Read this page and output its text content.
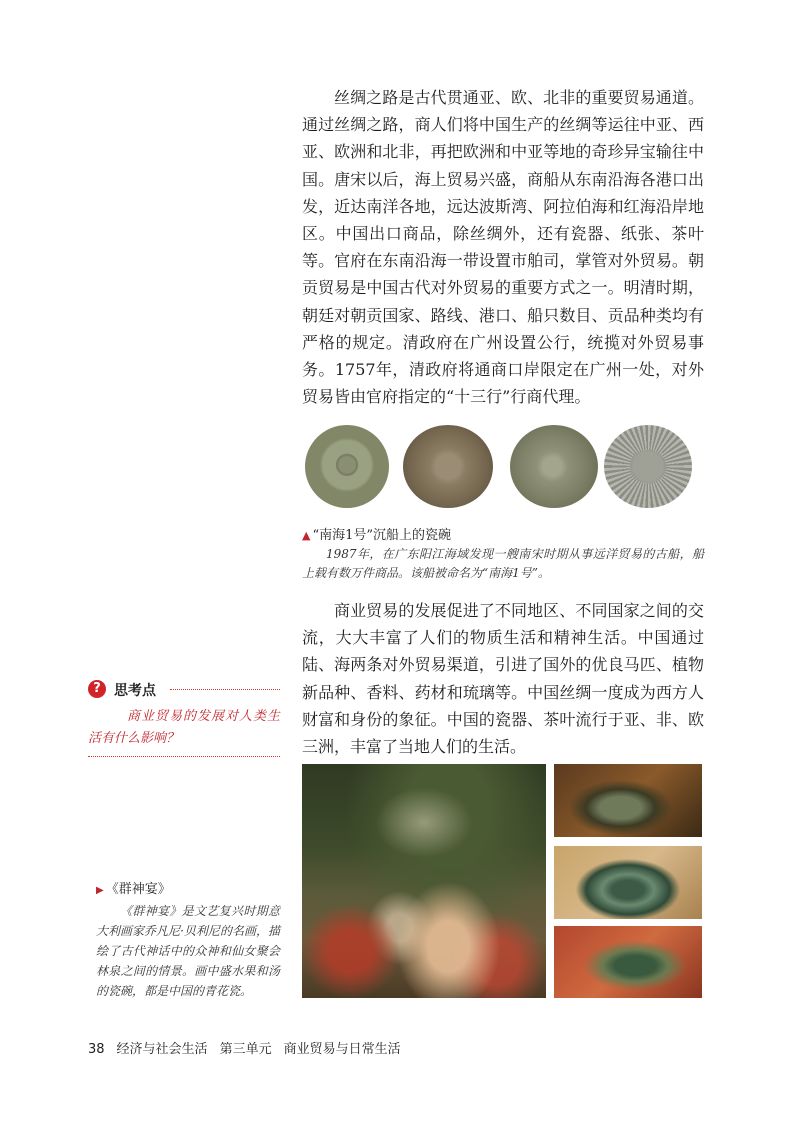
丝绸之路是古代贯通亚、欧、北非的重要贸易通道。通过丝绸之路，商人们将中国生产的丝绸等运往中亚、西亚、欧洲和北非，再把欧洲和中亚等地的奇珍异宝输往中国。唐宋以后，海上贸易兴盛，商船从东南沿海各港口出发，近达南洋各地，远达波斯湾、阿拉伯海和红海沿岸地区。中国出口商品，除丝绸外，还有瓷器、纸张、茶叶等。官府在东南沿海一带设置市舶司，掌管对外贸易。朝贡贸易是中国古代对外贸易的重要方式之一。明清时期，朝廷对朝贡国家、路线、港口、船只数目、贡品种类均有严格的规定。清政府在广州设置公行，统揽对外贸易事务。1757年，清政府将通商口岸限定在广州一处，对外贸易皆由官府指定的“十三行”行商代理。

▲ “南海1号”沉船上的瓷碗
1987年，在广东阳江海域发现一艘南宋时期从事远洋贸易的古船，船上载有数万件商品。该船被命名为“南海1号”。

商业贸易的发展促进了不同地区、不同国家之间的交流，大大丰富了人们的物质生活和精神生活。中国通过陆、海两条对外贸易渠道，引进了国外的优良马匹、植物新品种、香料、药材和琉璃等。中国丝绸一度成为西方人财富和身份的象征。中国的瓷器、茶叶流行于亚、非、欧三洲，丰富了当地人们的生活。

? 思考点
商业贸易的发展对人类生活有什么影响？
▶ 《群神宴》
《群神宴》是文艺复兴时期意大利画家乔凡尼·贝利尼的名画，描绘了古代神话中的众神和仙女聚会林泉之间的情景。画中盛水果和汤的瓷碗，都是中国的青花瓷。
38 经济与社会生活 第三单元 商业贸易与日常生活
